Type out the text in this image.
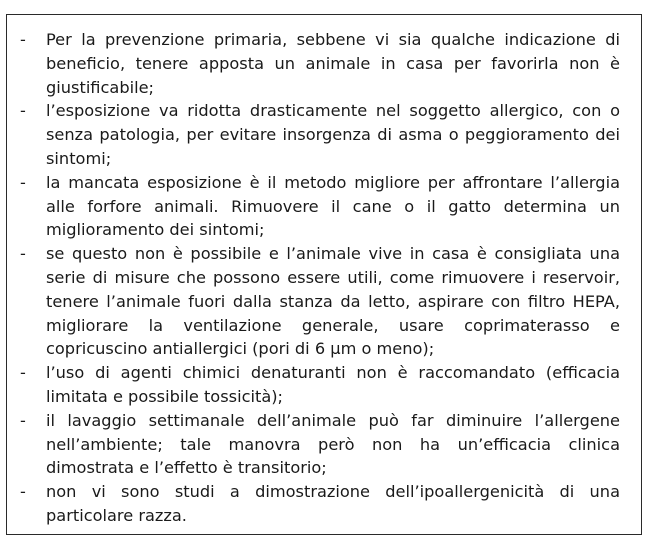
-	Per la prevenzione primaria, sebbene vi sia qualche indicazione di beneficio, tenere apposta un animale in casa per favorirla non è giustificabile;
-	l’esposizione va ridotta drasticamente nel soggetto allergico, con o senza patologia, per evitare insorgenza di asma o peggioramento dei sintomi;
-	la mancata esposizione è il metodo migliore per affrontare l’allergia alle forfore animali. Rimuovere il cane o il gatto determina un miglioramento dei sintomi;
-	se questo non è possibile e l’animale vive in casa è consigliata una serie di misure che possono essere utili, come rimuovere i reservoir, tenere l’animale fuori dalla stanza da letto, aspirare con filtro HEPA, migliorare la ventilazione generale, usare coprimaterasso e copricuscino antiallergici (pori di 6 µm o meno);
-	l’uso di agenti chimici denaturanti non è raccomandato (efficacia limitata e possibile tossicità);
-	il lavaggio settimanale dell’animale può far diminuire l’allergene nell’ambiente; tale manovra però non ha un’efficacia clinica dimostrata e l’effetto è transitorio;
-	non vi sono studi a dimostrazione dell’ipoallergenicità di una particolare razza.
